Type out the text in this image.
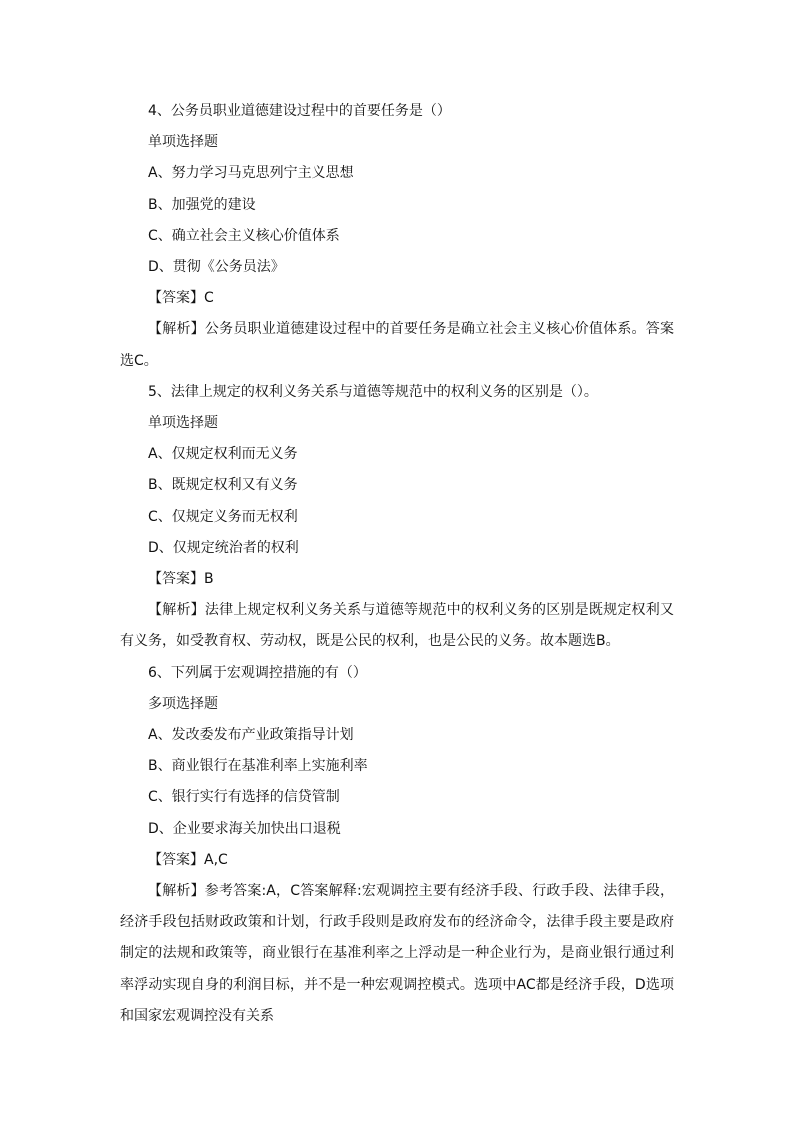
4、公务员职业道德建设过程中的首要任务是（）

单项选择题

A、努力学习马克思列宁主义思想

B、加强党的建设

C、确立社会主义核心价值体系

D、贯彻《公务员法》

【答案】C

【解析】公务员职业道德建设过程中的首要任务是确立社会主义核心价值体系。答案选C。

5、法律上规定的权利义务关系与道德等规范中的权利义务的区别是（）。

单项选择题

A、仅规定权利而无义务

B、既规定权利又有义务

C、仅规定义务而无权利

D、仅规定统治者的权利

【答案】B

【解析】法律上规定权利义务关系与道德等规范中的权利义务的区别是既规定权利又有义务，如受教育权、劳动权，既是公民的权利，也是公民的义务。故本题选B。

6、下列属于宏观调控措施的有（）

多项选择题

A、发改委发布产业政策指导计划

B、商业银行在基准利率上实施利率

C、银行实行有选择的信贷管制

D、企业要求海关加快出口退税

【答案】A,C

【解析】参考答案:A，C答案解释:宏观调控主要有经济手段、行政手段、法律手段，经济手段包括财政政策和计划，行政手段则是政府发布的经济命令，法律手段主要是政府制定的法规和政策等，商业银行在基准利率之上浮动是一种企业行为，是商业银行通过利率浮动实现自身的利润目标，并不是一种宏观调控模式。选项中AC都是经济手段，D选项和国家宏观调控没有关系
